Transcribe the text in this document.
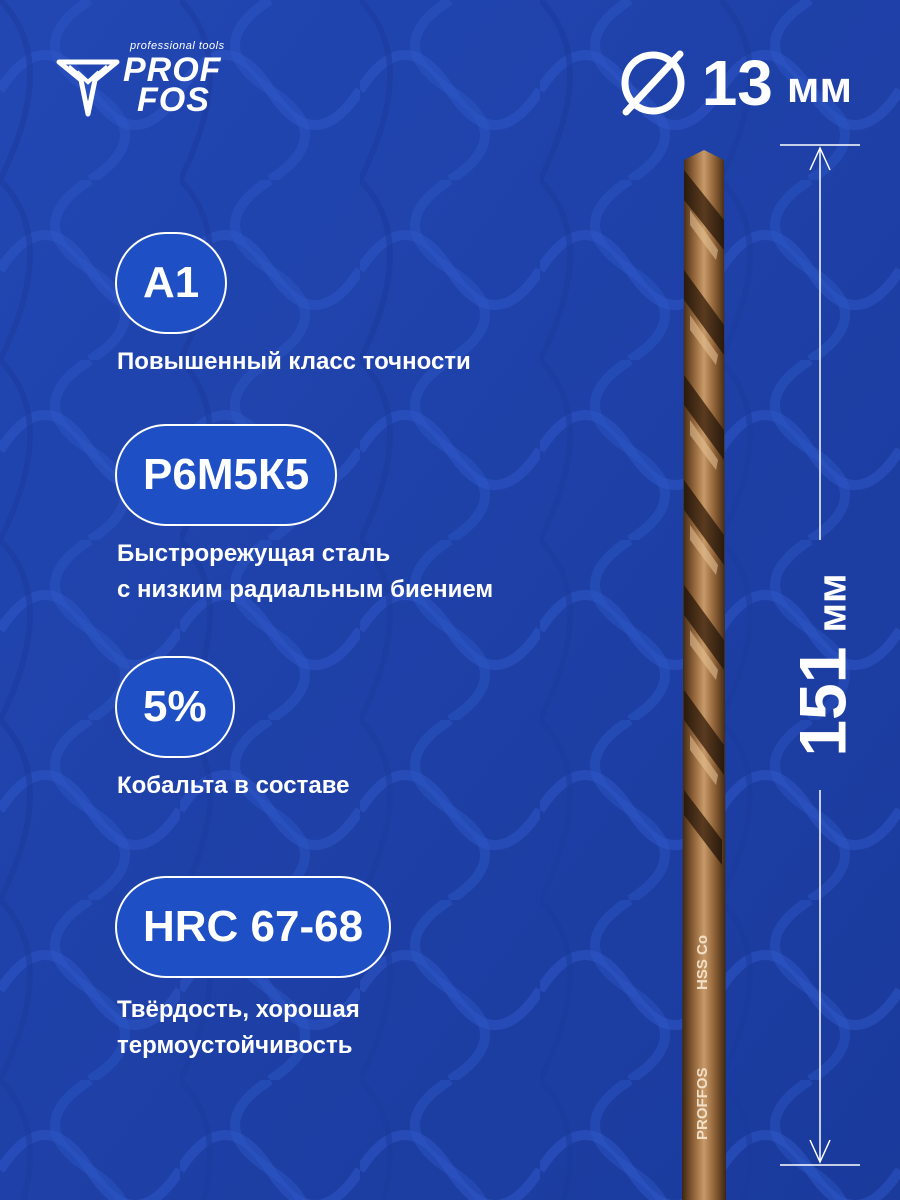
professional tools
PROF
FOS	13 мм
A1
Повышенный класс точности
Р6М5К5
Быстрорежущая сталь
с низким радиальным биением
5%
Кобальта в составе
HRC 67-68
Твёрдость, хорошая
термоустойчивость
PROFFOS
HSS Co
151мм
